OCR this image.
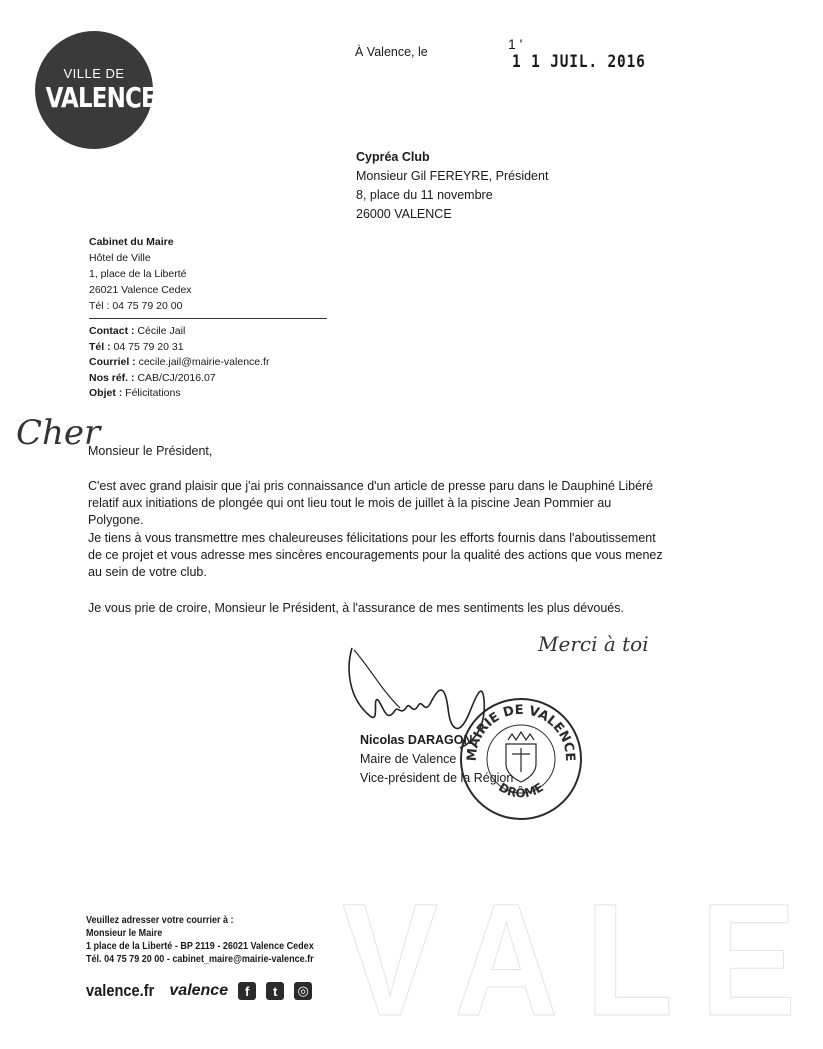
VILLE DE
VALENCE
À Valence, le	1 '
1 1 JUIL. 2016
Cypréa Club
Monsieur Gil FEREYRE, Président
8, place du 11 novembre
26000 VALENCE
Cabinet du Maire
Hôtel de Ville
1, place de la Liberté
26021 Valence Cedex
Tél : 04 75 79 20 00
Contact : Cécile Jail
Tél : 04 75 79 20 31
Courriel : cecile.jail@mairie-valence.fr
Nos réf. : CAB/CJ/2016.07
Objet : Félicitations
Cher
Merci à toi
Monsieur le Président,
C'est avec grand plaisir que j'ai pris connaissance d'un article de presse paru dans le Dauphiné Libéré relatif aux initiations de plongée qui ont lieu tout le mois de juillet à la piscine Jean Pommier au Polygone.
Je tiens à vous transmettre mes chaleureuses félicitations pour les efforts fournis dans l'aboutissement de ce projet et vous adresse mes sincères encouragements pour la qualité des actions que vous menez au sein de votre club.
Je vous prie de croire, Monsieur le Président, à l'assurance de mes sentiments les plus dévoués.
Nicolas DARAGON
Maire de Valence
Vice-président de la Région
MAIRIE DE VALENCE
DRÔME
VALE
Veuillez adresser votre courrier à :
Monsieur le Maire
1 place de la Liberté - BP 2119 - 26021 Valence Cedex
Tél. 04 75 79 20 00 - cabinet_maire@mairie-valence.fr
valence.fr valence	f	t	◎
